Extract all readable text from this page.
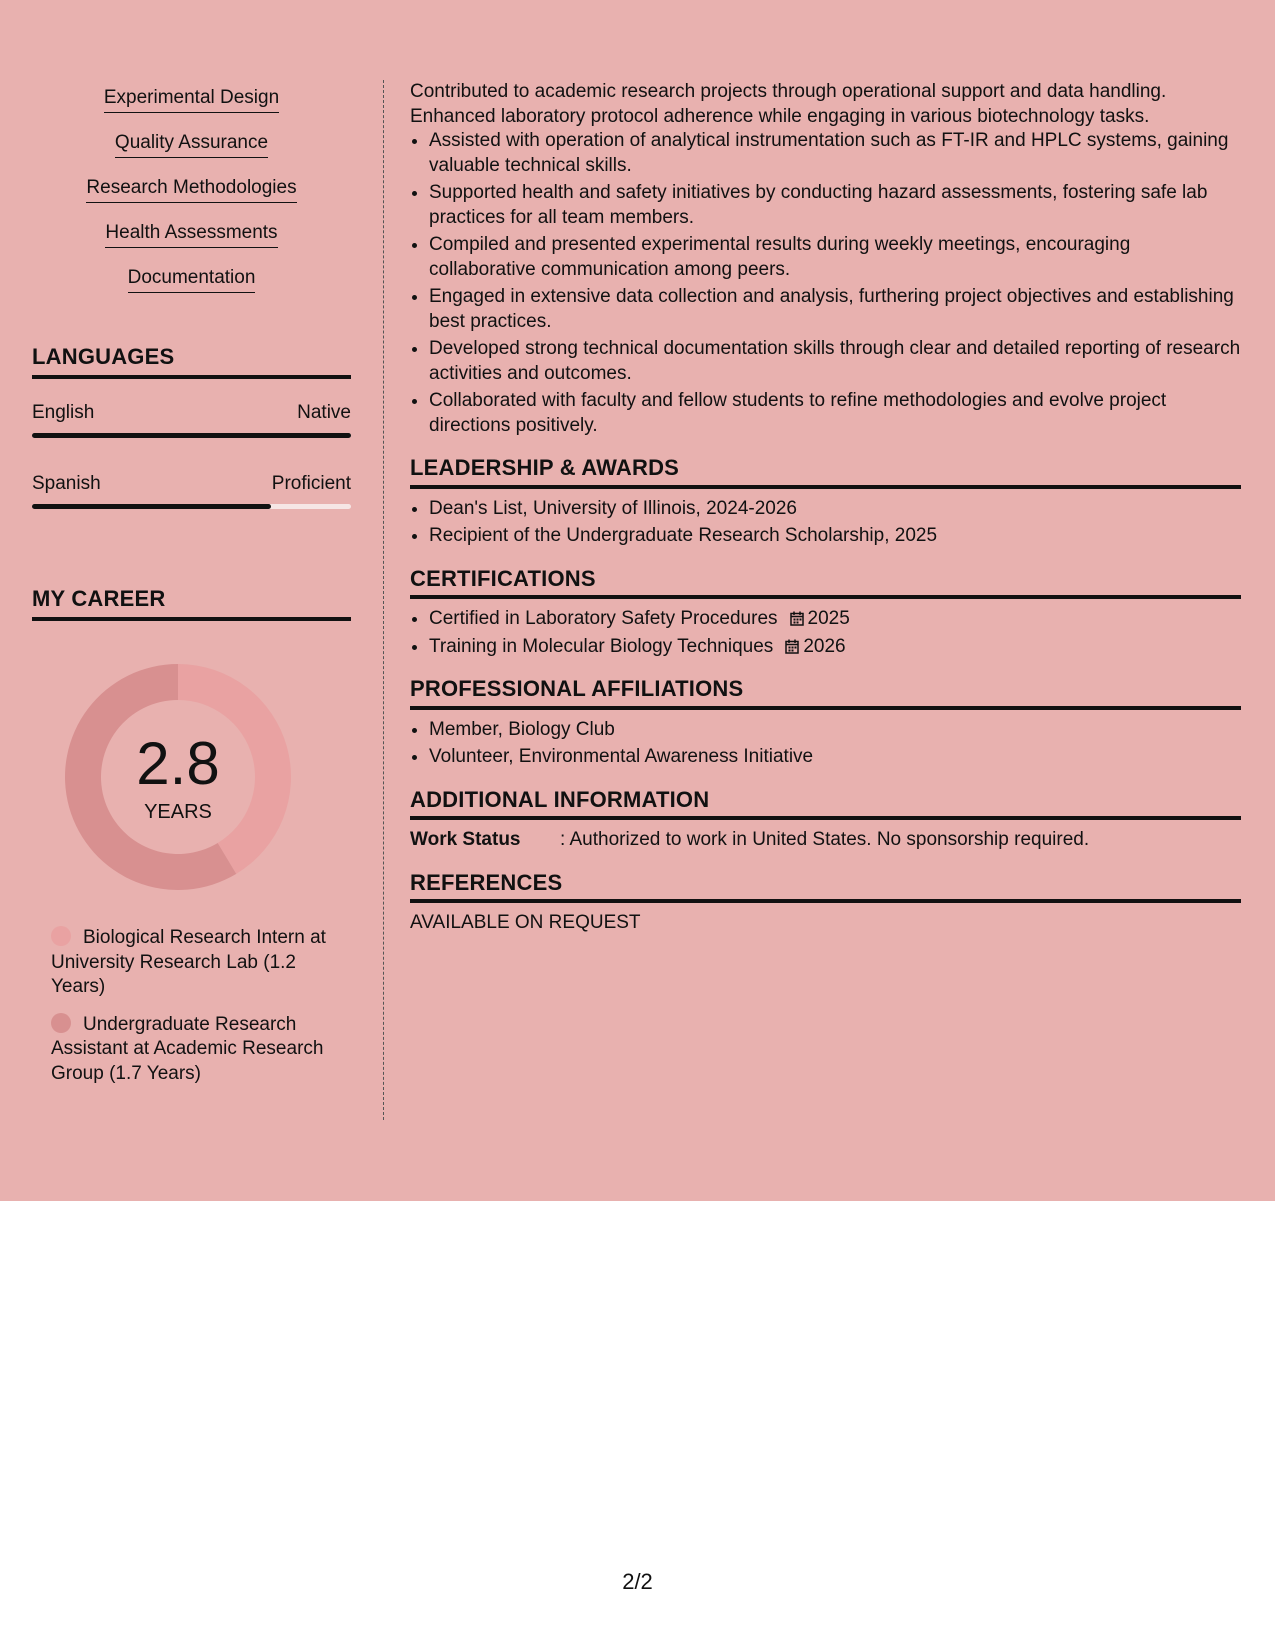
Experimental Design
Quality Assurance
Research Methodologies
Health Assessments
Documentation
LANGUAGES
English	Native
Spanish	Proficient
MY CAREER
2.8
YEARS
Biological Research Intern at University Research Lab (1.2 Years)
Undergraduate Research Assistant at Academic Research Group (1.7 Years)

Contributed to academic research projects through operational support and data handling. Enhanced laboratory protocol adherence while engaging in various biotechnology tasks.

• Assisted with operation of analytical instrumentation such as FT-IR and HPLC systems, gaining valuable technical skills.
• Supported health and safety initiatives by conducting hazard assessments, fostering safe lab practices for all team members.
• Compiled and presented experimental results during weekly meetings, encouraging collaborative communication among peers.
• Engaged in extensive data collection and analysis, furthering project objectives and establishing best practices.
• Developed strong technical documentation skills through clear and detailed reporting of research activities and outcomes.
• Collaborated with faculty and fellow students to refine methodologies and evolve project directions positively.
LEADERSHIP & AWARDS
• Dean's List, University of Illinois, 2024-2026
• Recipient of the Undergraduate Research Scholarship, 2025
CERTIFICATIONS
• Certified in Laboratory Safety Procedures 2025
• Training in Molecular Biology Techniques 2026
PROFESSIONAL AFFILIATIONS
• Member, Biology Club
• Volunteer, Environmental Awareness Initiative
ADDITIONAL INFORMATION
Work Status	: Authorized to work in United States. No sponsorship required.
REFERENCES

AVAILABLE ON REQUEST

2/2
